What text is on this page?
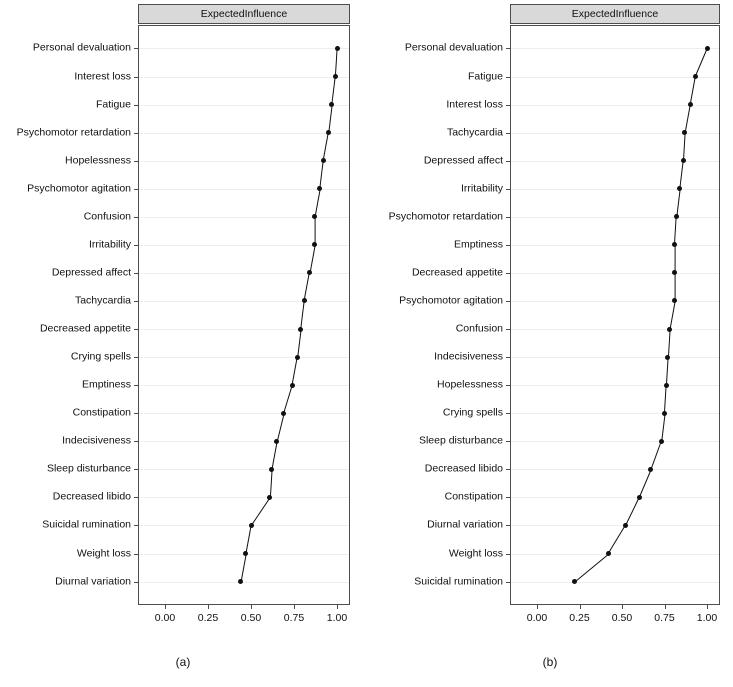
ExpectedInfluence
0.00 0.25 0.50 0.75 1.00
Personal devaluation
Interest loss
Fatigue
Psychomotor retardation
Hopelessness
Psychomotor agitation
Confusion
Irritability
Depressed affect
Tachycardia
Decreased appetite
Crying spells
Emptiness
Constipation
Indecisiveness
Sleep disturbance
Decreased libido
Suicidal rumination
Weight loss
Diurnal variation
(a)
ExpectedInfluence
0.00 0.25 0.50 0.75 1.00
Personal devaluation
Fatigue
Interest loss
Tachycardia
Depressed affect
Irritability
Psychomotor retardation
Emptiness
Decreased appetite
Psychomotor agitation
Confusion
Indecisiveness
Hopelessness
Crying spells
Sleep disturbance
Decreased libido
Constipation
Diurnal variation
Weight loss
Suicidal rumination
(b)
